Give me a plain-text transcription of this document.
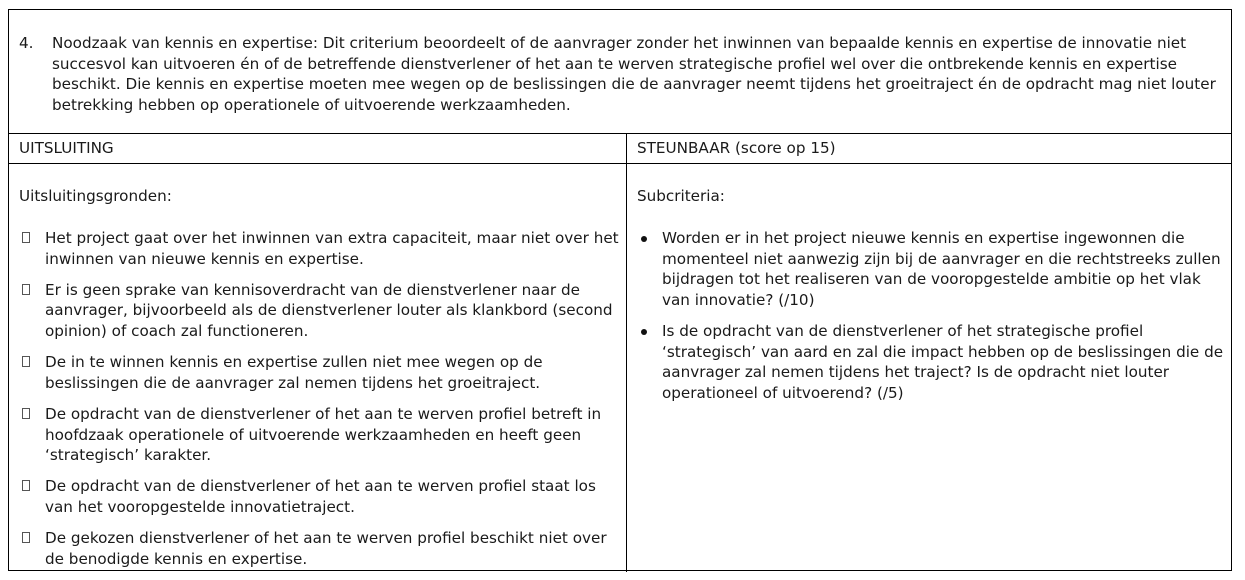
4. Noodzaak van kennis en expertise: Dit criterium beoordeelt of de aanvrager zonder het inwinnen van bepaalde kennis en expertise de innovatie niet succesvol kan uitvoeren én of de betreffende dienstverlener of het aan te werven strategische profiel wel over die ontbrekende kennis en expertise beschikt. Die kennis en expertise moeten mee wegen op de beslissingen die de aanvrager neemt tijdens het groeitraject én de opdracht mag niet louter betrekking hebben op operationele of uitvoerende werkzaamheden.
UITSLUITING	STEUNBAAR (score op 15)
Uitsluitingsgronden:
Het project gaat over het inwinnen van extra capaciteit, maar niet over het inwinnen van nieuwe kennis en expertise.
Er is geen sprake van kennisoverdracht van de dienstverlener naar de aanvrager, bijvoorbeeld als de dienstverlener louter als klankbord (second opinion) of coach zal functioneren.
De in te winnen kennis en expertise zullen niet mee wegen op de beslissingen die de aanvrager zal nemen tijdens het groeitraject.
De opdracht van de dienstverlener of het aan te werven profiel betreft in hoofdzaak operationele of uitvoerende werkzaamheden en heeft geen ‘strategisch’ karakter.
De opdracht van de dienstverlener of het aan te werven profiel staat los van het vooropgestelde innovatietraject.
De gekozen dienstverlener of het aan te werven profiel beschikt niet over de benodigde kennis en expertise.
Subcriteria:
Worden er in het project nieuwe kennis en expertise ingewonnen die momenteel niet aanwezig zijn bij de aanvrager en die rechtstreeks zullen bijdragen tot het realiseren van de vooropgestelde ambitie op het vlak van innovatie? (/10)
Is de opdracht van de dienstverlener of het strategische profiel ‘strategisch’ van aard en zal die impact hebben op de beslissingen die de aanvrager zal nemen tijdens het traject? Is de opdracht niet louter operationeel of uitvoerend? (/5)
